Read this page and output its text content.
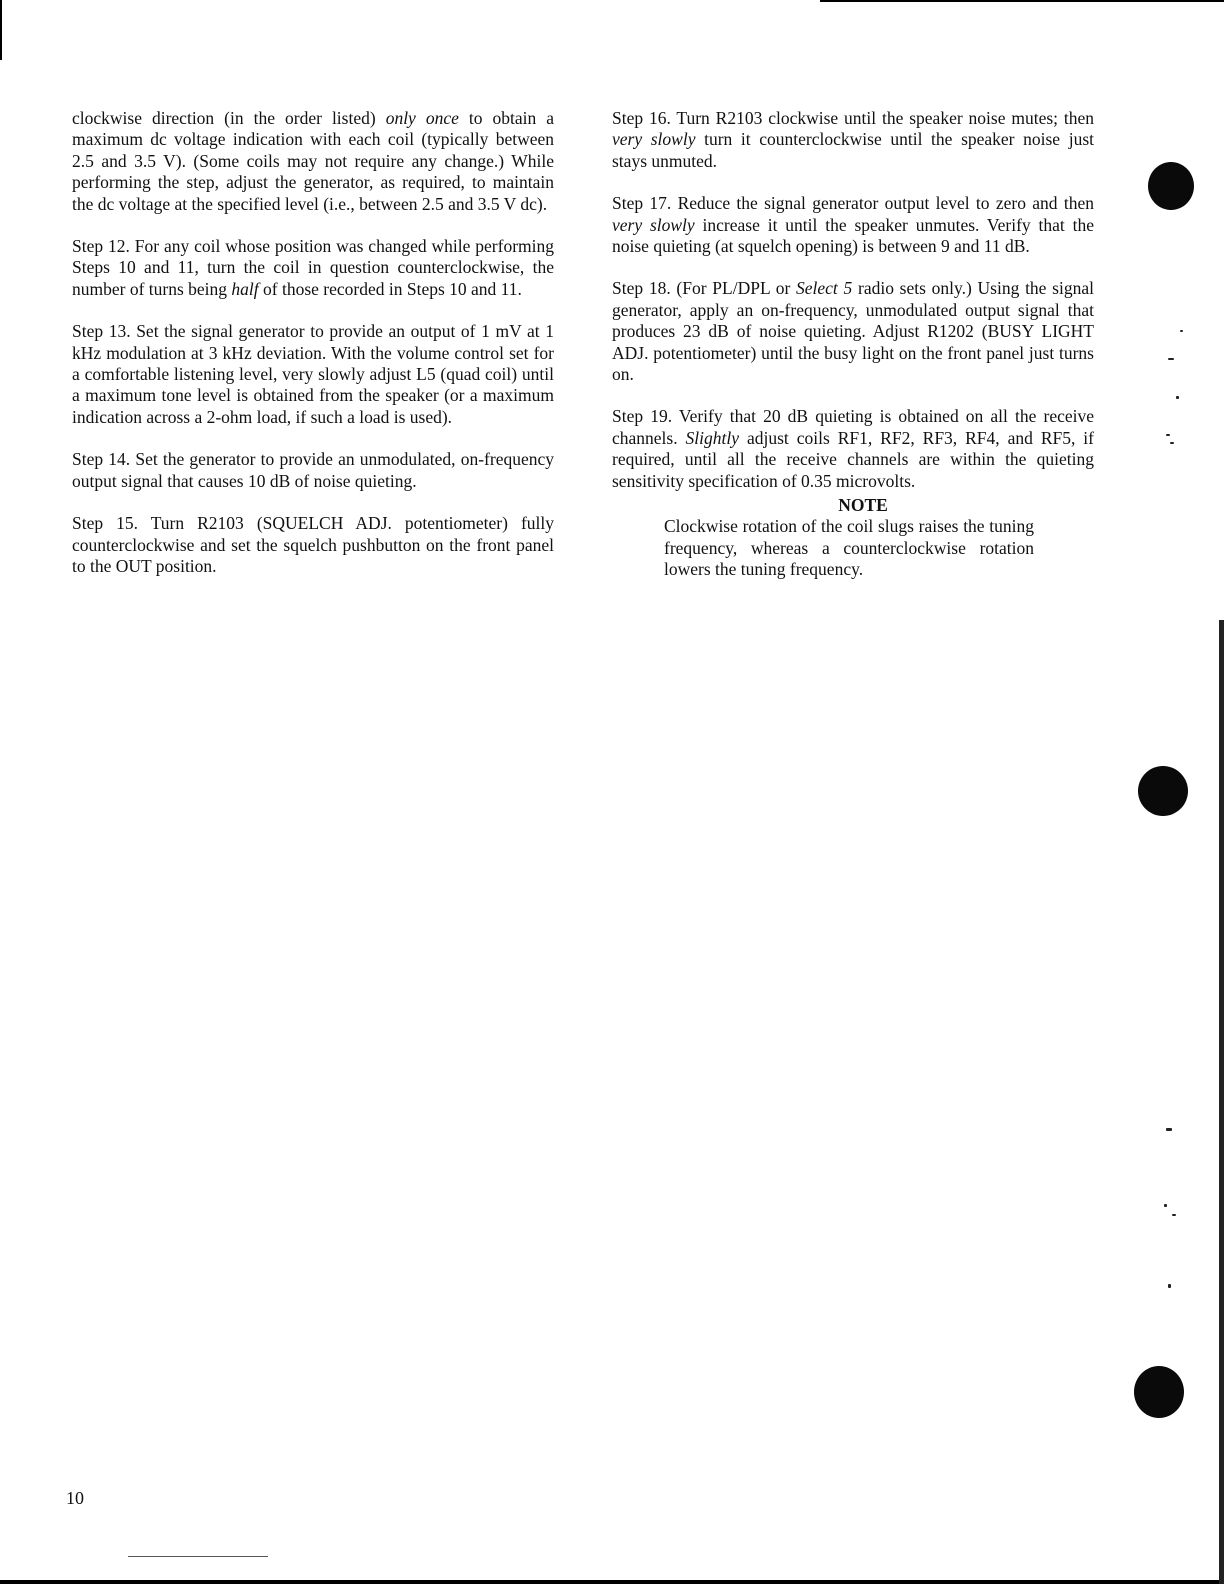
clockwise direction (in the order listed) only once to obtain a maximum dc voltage indication with each coil (typically between 2.5 and 3.5 V). (Some coils may not require any change.) While performing the step, adjust the generator, as required, to maintain the dc voltage at the specified level (i.e., between 2.5 and 3.5 V dc).

Step 12. For any coil whose position was changed while performing Steps 10 and 11, turn the coil in question counterclockwise, the number of turns being half of those recorded in Steps 10 and 11.

Step 13. Set the signal generator to provide an output of 1 mV at 1 kHz modulation at 3 kHz deviation. With the volume control set for a comfortable listening level, very slowly adjust L5 (quad coil) until a maximum tone level is obtained from the speaker (or a maximum indication across a 2-ohm load, if such a load is used).

Step 14. Set the generator to provide an unmodulated, on-frequency output signal that causes 10 dB of noise quieting.

Step 15. Turn R2103 (SQUELCH ADJ. potentiometer) fully counterclockwise and set the squelch pushbutton on the front panel to the OUT position.

Step 16. Turn R2103 clockwise until the speaker noise mutes; then very slowly turn it counterclockwise until the speaker noise just stays unmuted.

Step 17. Reduce the signal generator output level to zero and then very slowly increase it until the speaker unmutes. Verify that the noise quieting (at squelch opening) is between 9 and 11 dB.

Step 18. (For PL/DPL or Select 5 radio sets only.) Using the signal generator, apply an on-frequency, unmodulated output signal that produces 23 dB of noise quieting. Adjust R1202 (BUSY LIGHT ADJ. potentiometer) until the busy light on the front panel just turns on.

Step 19. Verify that 20 dB quieting is obtained on all the receive channels. Slightly adjust coils RF1, RF2, RF3, RF4, and RF5, if required, until all the receive channels are within the quieting sensitivity specification of 0.35 microvolts.

NOTE

Clockwise rotation of the coil slugs raises the tuning frequency, whereas a counterclockwise rotation lowers the tuning frequency.

10
